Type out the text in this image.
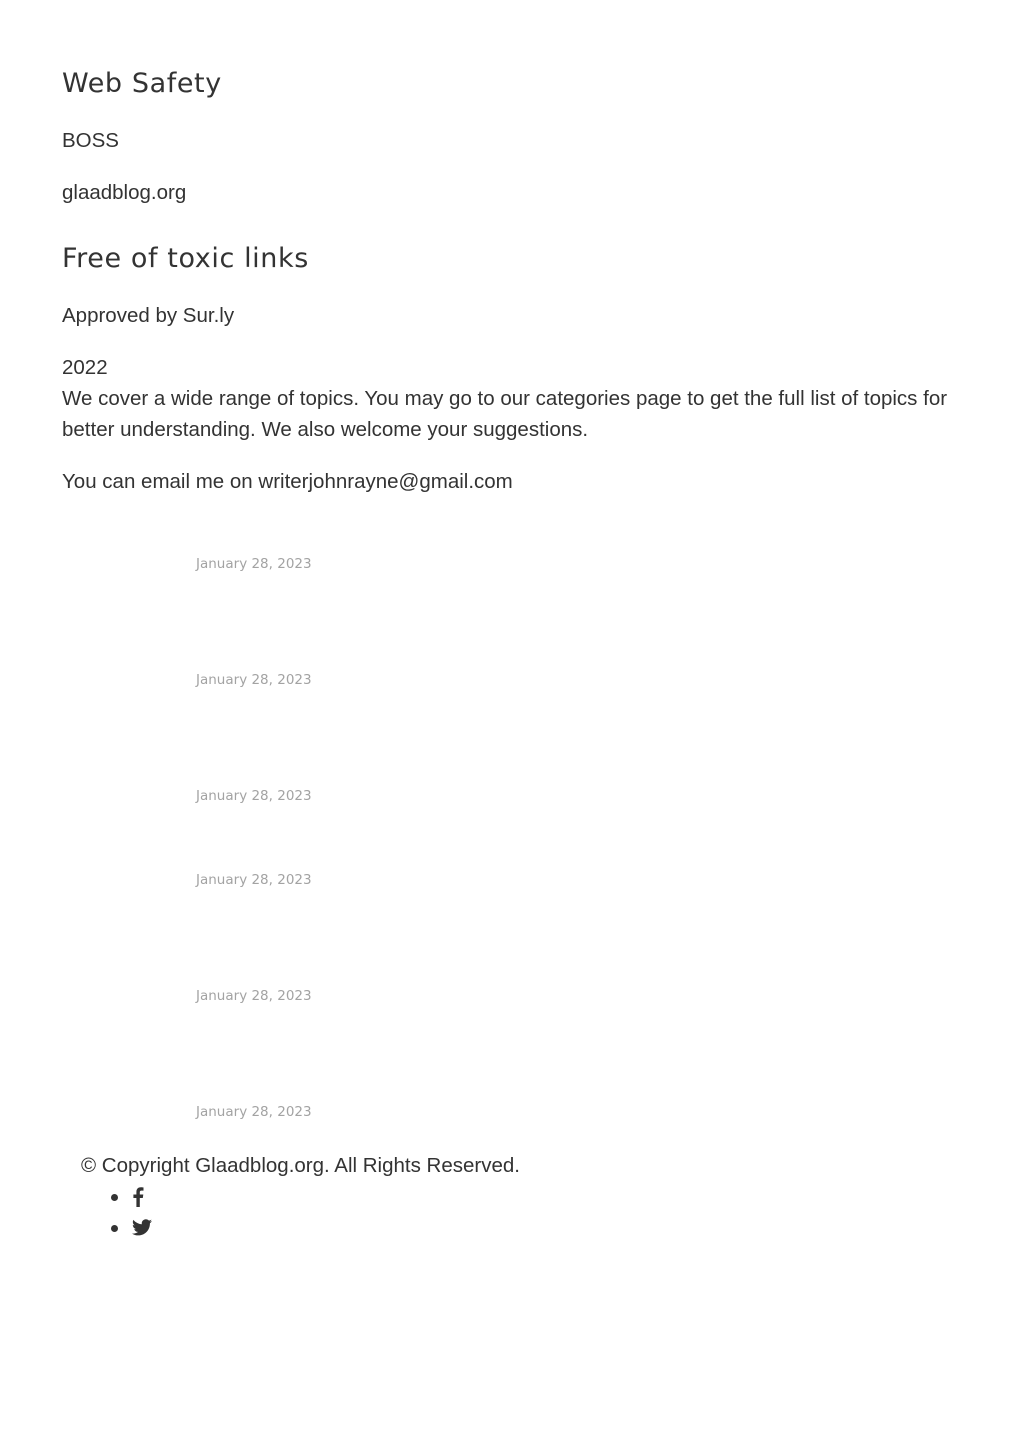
Web Safety

BOSS

glaadblog.org

Free of toxic links

Approved by Sur.ly

2022

We cover a wide range of topics. You may go to our categories page to get the full list of topics for better understanding. We also welcome your suggestions.

You can email me on writerjohnrayne@gmail.com

January 28, 2023

January 28, 2023

January 28, 2023

January 28, 2023

January 28, 2023

January 28, 2023

© Copyright Glaadblog.org. All Rights Reserved.
